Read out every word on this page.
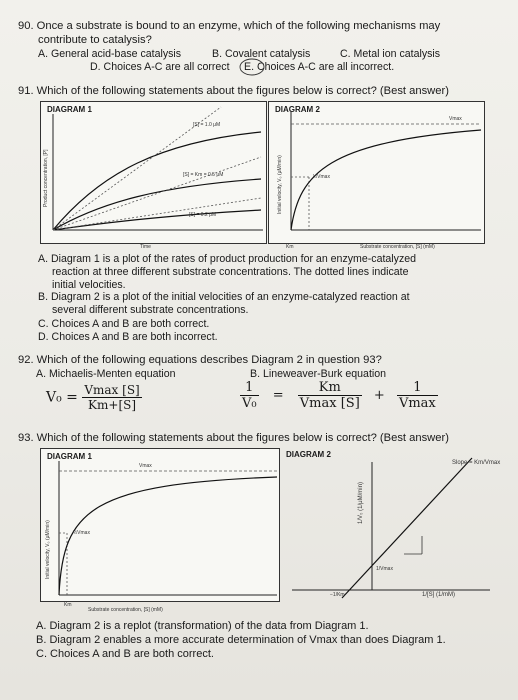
90. Once a substrate is bound to an enzyme, which of the following mechanisms may
contribute to catalysis?
A. General acid-base catalysis	B. Covalent catalysis	C. Metal ion catalysis
D. Choices A-C are all correct E. Choices A-C are all incorrect.
91. Which of the following statements about the figures below is correct? (Best answer)
DIAGRAM 1
Product concentration, [P]
[S] = 1.0 μM
[S] = Km = 0.5 μM
[S] = 0.2 μM
Time
DIAGRAM 2
Vmax
½Vmax
Initial velocity, V₀ (μM/min)
Km	Substrate concentration, [S] (mM)
A. Diagram 1 is a plot of the rates of product production for an enzyme-catalyzed
reaction at three different substrate concentrations. The dotted lines indicate
initial velocities.
B. Diagram 2 is a plot of the initial velocities of an enzyme-catalyzed reaction at
several different substrate concentrations.
C. Choices A and B are both correct.
D. Choices A and B are both incorrect.
92. Which of the following equations describes Diagram 2 in question 93?
A. Michaelis-Menten equation	B. Lineweaver-Burk equation
$V_0 = \frac{Vmax [S]}{Km+[S]}$	$\frac{1}{\text{V₀}} = \frac{Km}{Vmax [S]} + \frac{1}{Vmax}$
93. Which of the following statements about the figures below is correct? (Best answer)
DIAGRAM 1
Vmax
½Vmax
Initial velocity, V₀ (μM/min)
Km
Substrate concentration, [S] (mM)
DIAGRAM 2
Slope = Km/Vmax
1/V₀ (1/μM/min)
1/Vmax
−1/Km	1/[S] (1/mM)
A. Diagram 2 is a replot (transformation) of the data from Diagram 1.
B. Diagram 2 enables a more accurate determination of Vmax than does Diagram 1.
C. Choices A and B are both correct.
